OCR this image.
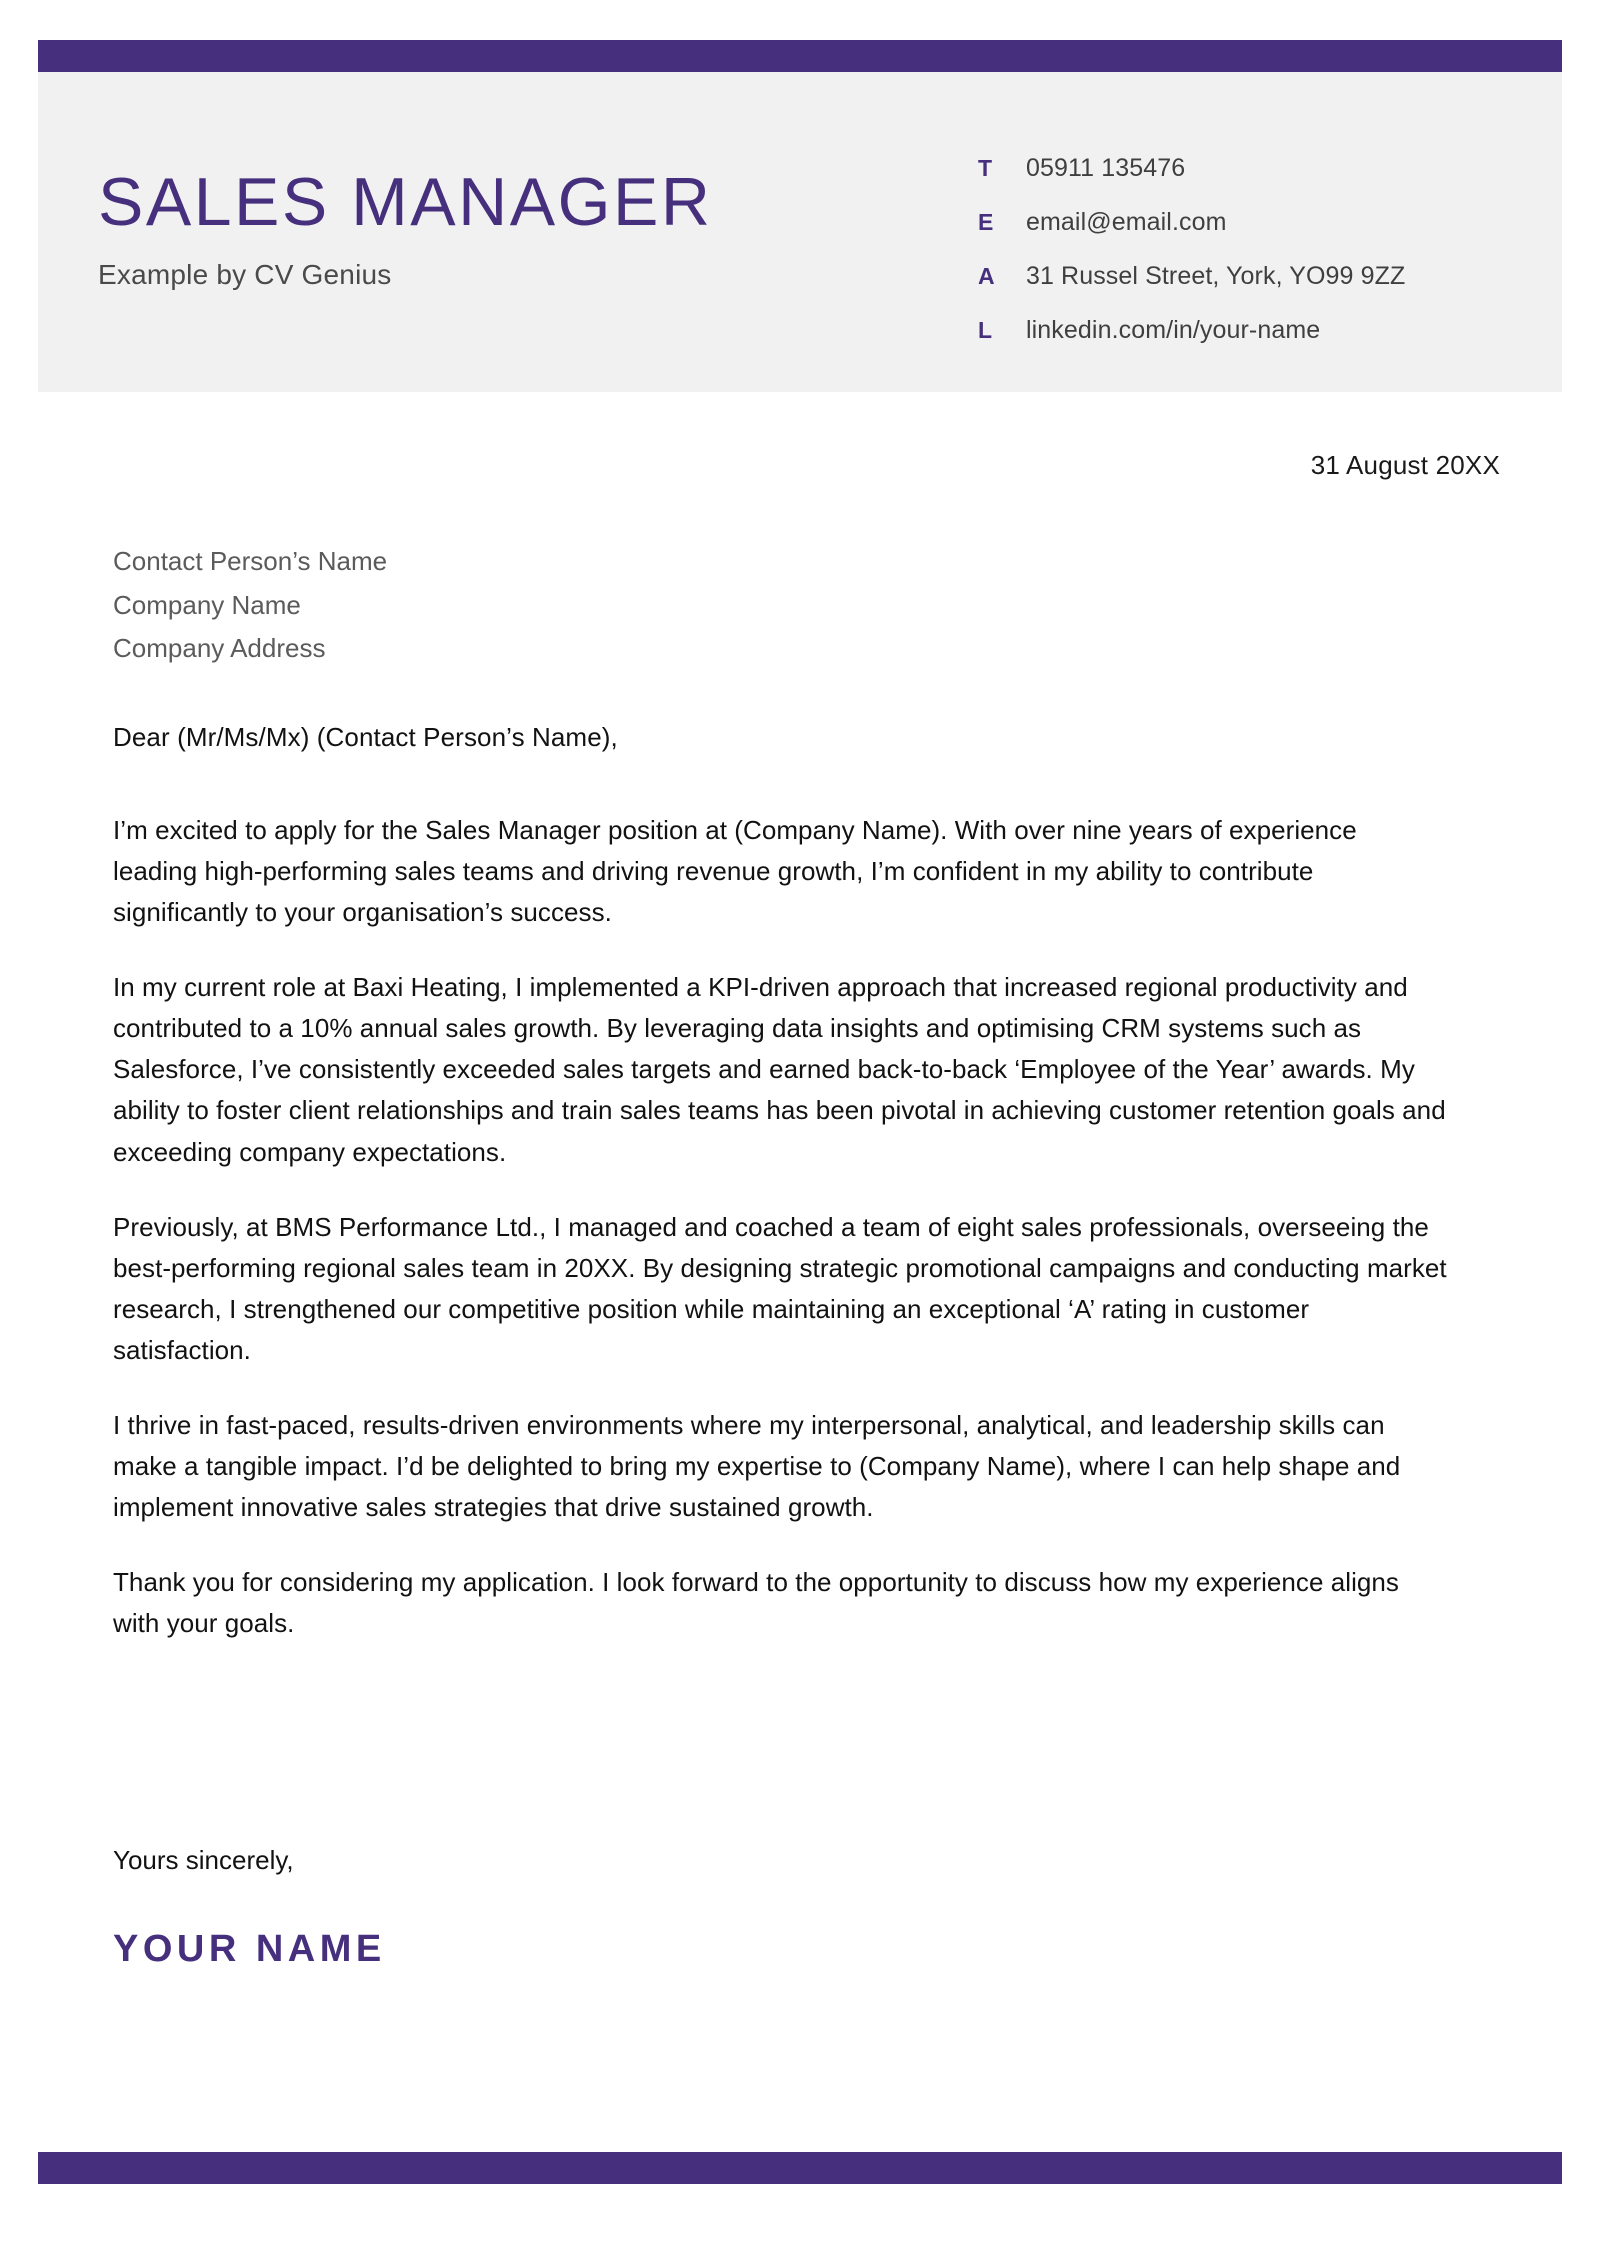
SALES MANAGER

Example by CV Genius

T	05911 135476
E	email@email.com
A	31 Russel Street, York, YO99 9ZZ
L	linkedin.com/in/your-name
31 August 20XX
Contact Person’s Name
Company Name
Company Address
Dear (Mr/Ms/Mx) (Contact Person’s Name),

I’m excited to apply for the Sales Manager position at (Company Name). With over nine years of experience leading high-performing sales teams and driving revenue growth, I’m confident in my ability to contribute significantly to your organisation’s success.

In my current role at Baxi Heating, I implemented a KPI-driven approach that increased regional productivity and contributed to a 10% annual sales growth. By leveraging data insights and optimising CRM systems such as Salesforce, I’ve consistently exceeded sales targets and earned back-to-back ‘Employee of the Year’ awards. My ability to foster client relationships and train sales teams has been pivotal in achieving customer retention goals and exceeding company expectations.

Previously, at BMS Performance Ltd., I managed and coached a team of eight sales professionals, overseeing the best-performing regional sales team in 20XX. By designing strategic promotional campaigns and conducting market research, I strengthened our competitive position while maintaining an exceptional ‘A’ rating in customer satisfaction.

I thrive in fast-paced, results-driven environments where my interpersonal, analytical, and leadership skills can make a tangible impact. I’d be delighted to bring my expertise to (Company Name), where I can help shape and implement innovative sales strategies that drive sustained growth.

Thank you for considering my application. I look forward to the opportunity to discuss how my experience aligns with your goals.

Yours sincerely,
YOUR NAME
